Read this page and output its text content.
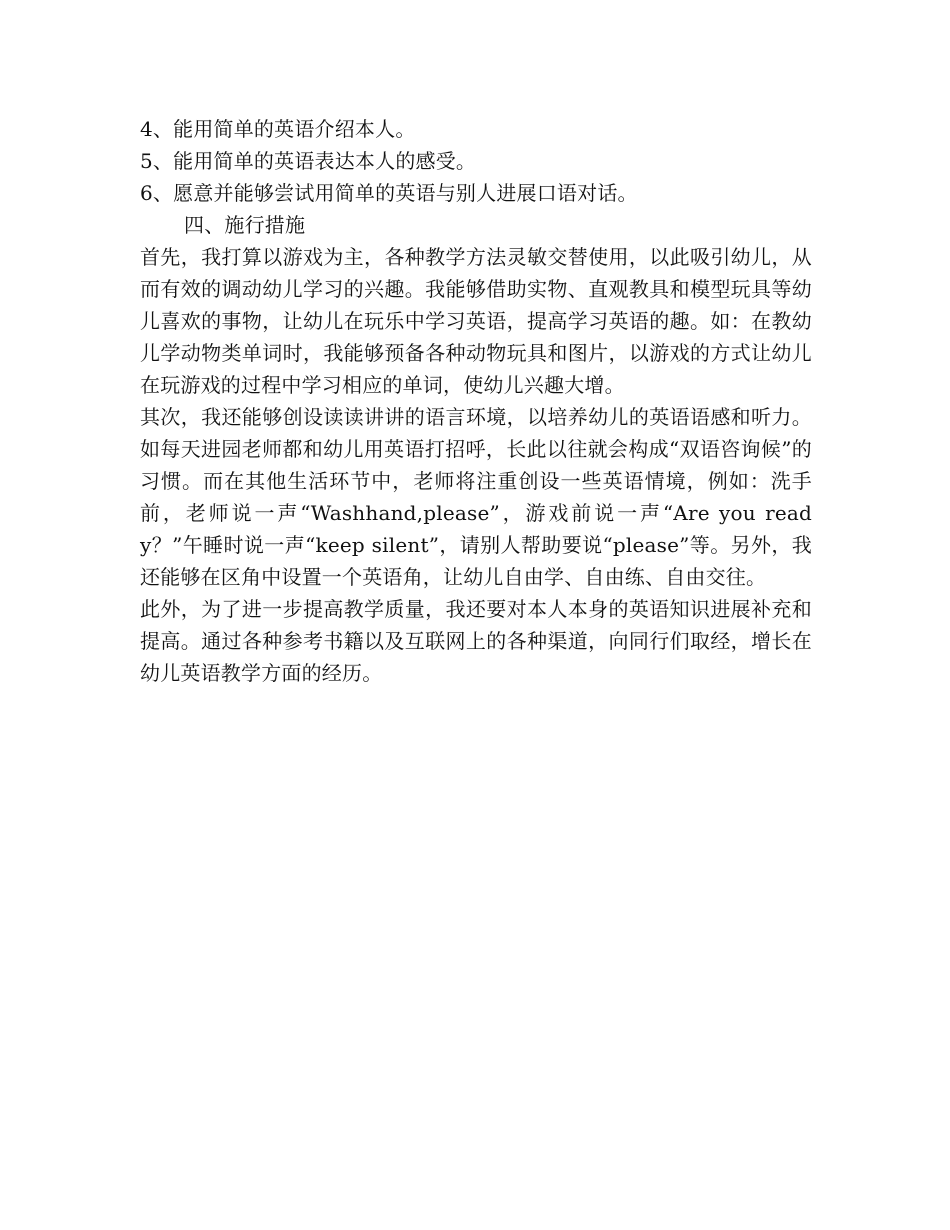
4、能用简单的英语介绍本人。
5、能用简单的英语表达本人的感受。
6、愿意并能够尝试用简单的英语与别人进展口语对话。
四、施行措施
首先，我打算以游戏为主，各种教学方法灵敏交替使用，以此吸引幼儿，从而有效的调动幼儿学习的兴趣。我能够借助实物、直观教具和模型玩具等幼儿喜欢的事物，让幼儿在玩乐中学习英语，提高学习英语的趣。如：在教幼儿学动物类单词时，我能够预备各种动物玩具和图片，以游戏的方式让幼儿在玩游戏的过程中学习相应的单词，使幼儿兴趣大增。
其次，我还能够创设读读讲讲的语言环境，以培养幼儿的英语语感和听力。如每天进园老师都和幼儿用英语打招呼，长此以往就会构成“双语咨询候”的习惯。而在其他生活环节中，老师将注重创设一些英语情境，例如：洗手前，老师说一声“Washhand,please”，游戏前说一声“Are you ready？”午睡时说一声“keep silent”，请别人帮助要说“please”等。另外，我还能够在区角中设置一个英语角，让幼儿自由学、自由练、自由交往。
此外，为了进一步提高教学质量，我还要对本人本身的英语知识进展补充和提高。通过各种参考书籍以及互联网上的各种渠道，向同行们取经，增长在幼儿英语教学方面的经历。
